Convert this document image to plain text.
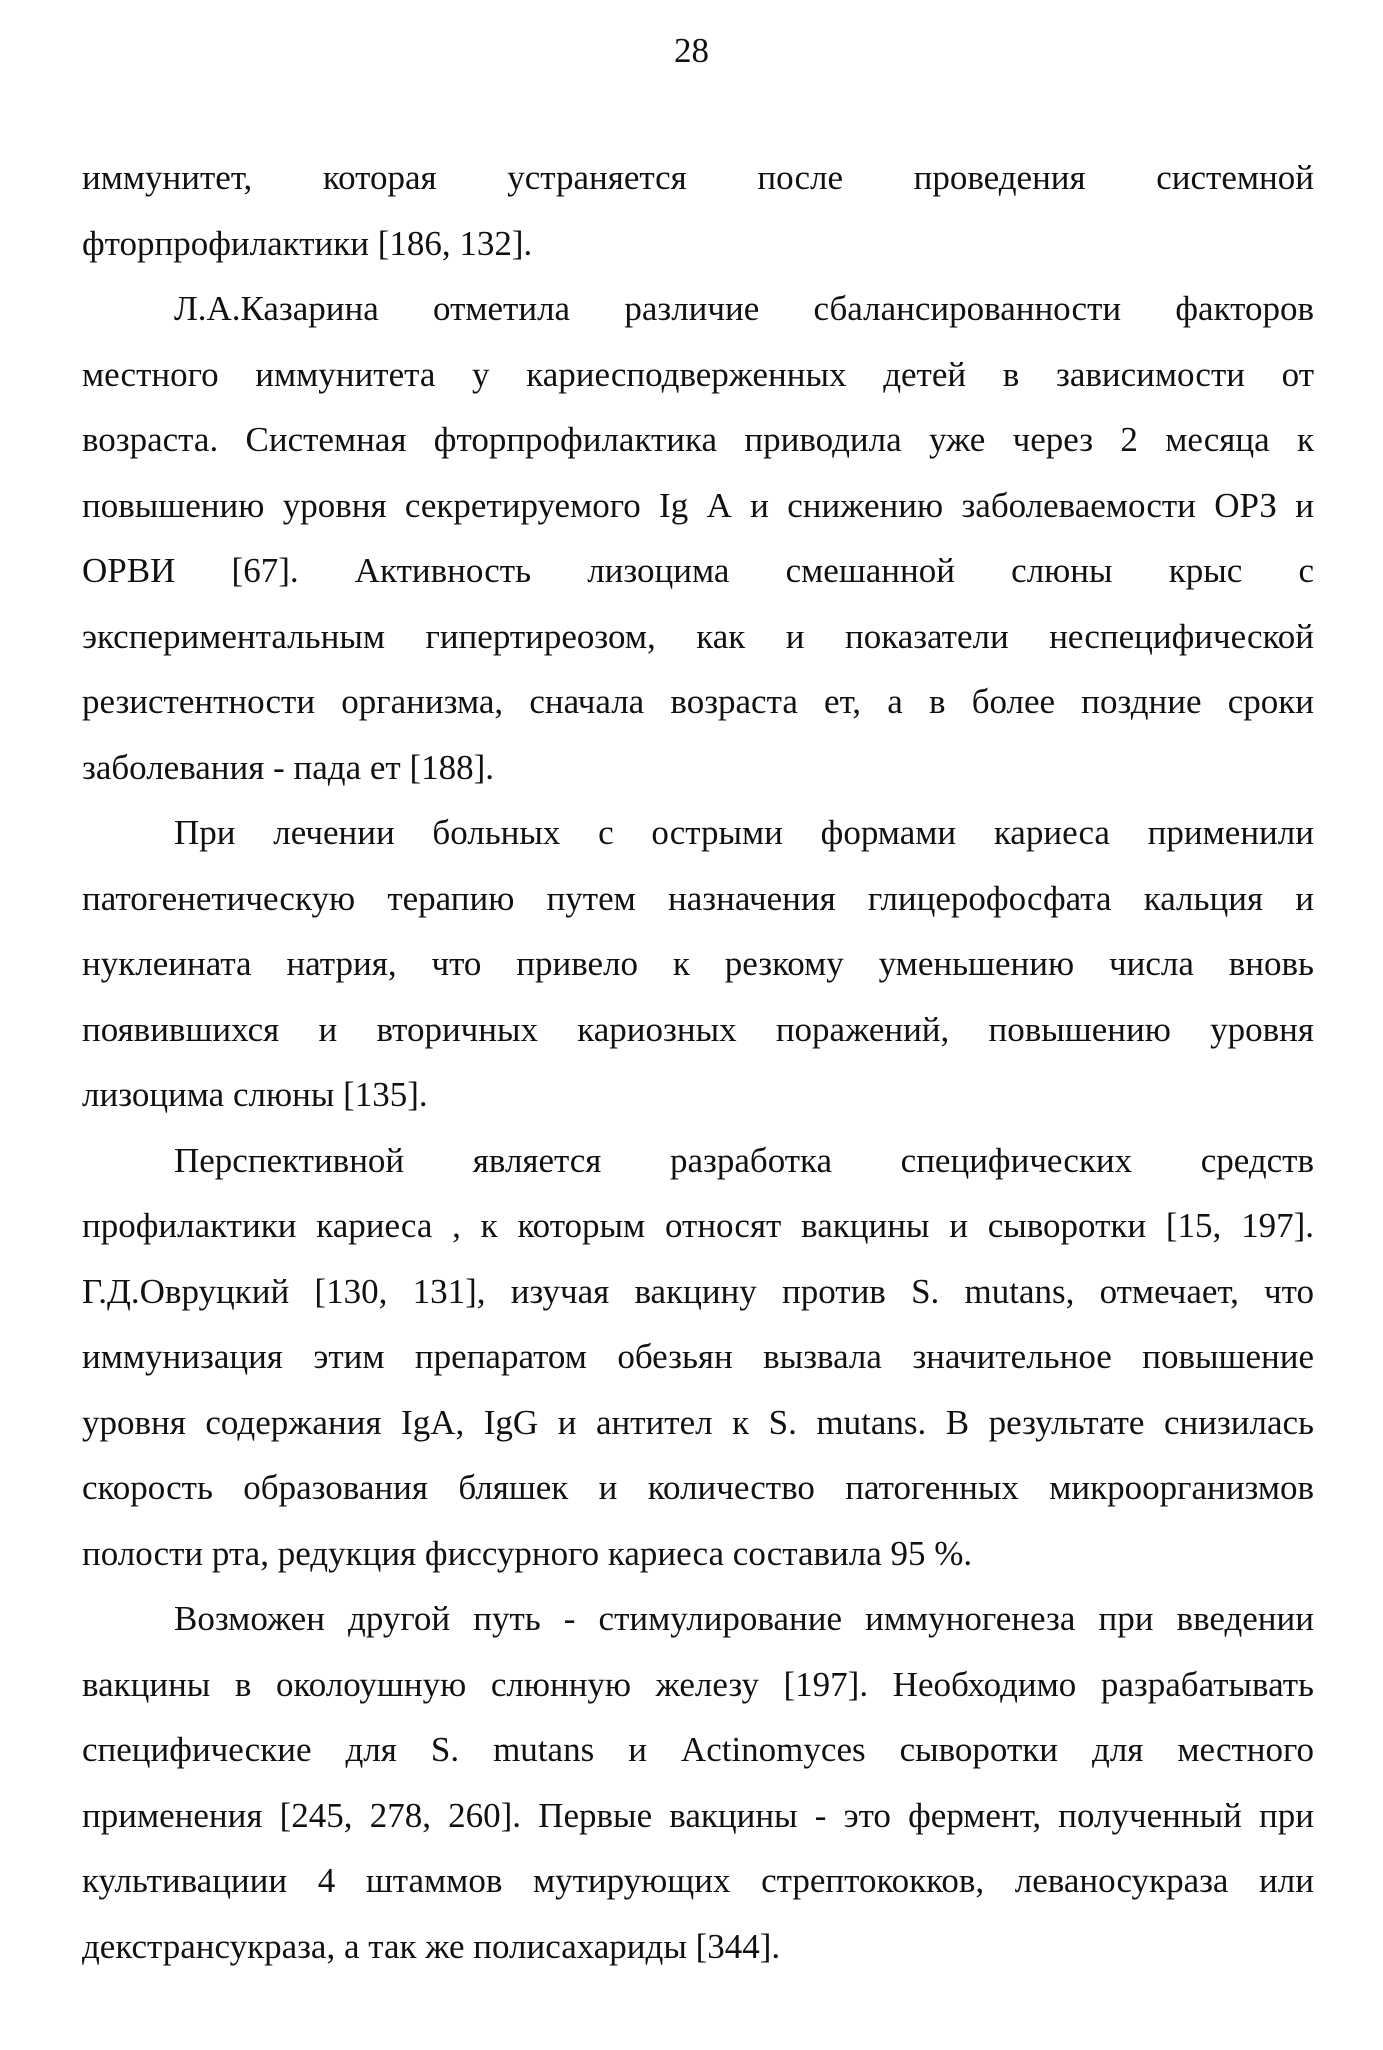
28
иммунитет, которая устраняется после проведения системной
фторпрофилактики [186, 132].
Л.А.Казарина отметила различие сбалансированности факторов
местного иммунитета у кариесподверженных детей в зависимости от
возраста. Системная фторпрофилактика приводила уже через 2 месяца к
повышению уровня секретируемого Ig А и снижению заболеваемости ОРЗ и
ОРВИ [67]. Активность лизоцима смешанной слюны крыс с
экспериментальным гипертиреозом, как и показатели неспецифической
резистентности организма, сначала возраста ет, а в более поздние сроки
заболевания - пада ет [188].
При лечении больных с острыми формами кариеса применили
патогенетическую терапию путем назначения глицерофосфата кальция и
нуклеината натрия, что привело к резкому уменьшению числа вновь
появившихся и вторичных кариозных поражений, повышению уровня
лизоцима слюны [135].
Перспективной является разработка специфических средств
профилактики кариеса , к которым относят вакцины и сыворотки [15, 197].
Г.Д.Овруцкий [130, 131], изучая вакцину против S. mutans, отмечает, что
иммунизация этим препаратом обезьян вызвала значительное повышение
уровня содержания IgA, IgG и антител к S. mutans. В результате снизилась
скорость образования бляшек и количество патогенных микроорганизмов
полости рта, редукция фиссурного кариеса составила 95 %.
Возможен другой путь - стимулирование иммуногенеза при введении
вакцины в околоушную слюнную железу [197]. Необходимо разрабатывать
специфические для S. mutans и Actinomyces сыворотки для местного
применения [245, 278, 260]. Первые вакцины - это фермент, полученный при
культивациии 4 штаммов мутирующих стрептококков, леваносукраза или
декстрансукраза, а так же полисахариды [344].
